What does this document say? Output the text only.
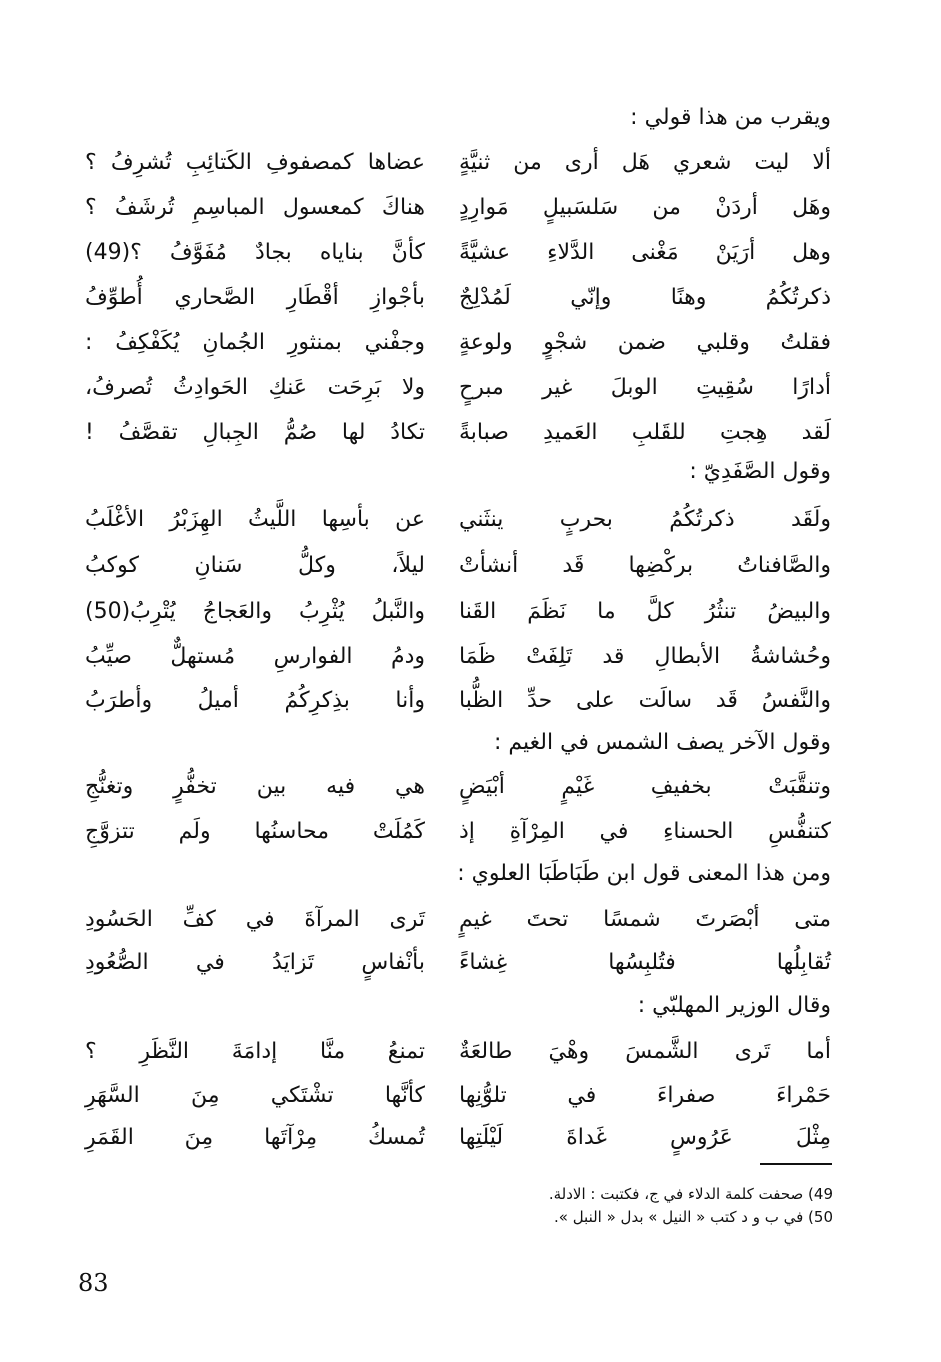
ويقرب من هذا قولي :
ألا ليت شعري هَل أرى من ثنيَّةٍ
عضاها كمصفوفِ الكَتائِبِ تُشرِفُ ؟
وهَل أردَنْ من سَلسَبيلٍ مَوارِدٍ
هناكَ كمعسول المباسِمِ تُرشَفُ ؟
وهل أرَيَنْ مَغْنى الدَّلاءِ عشيَّةً
كأنَّ بناياه بجادٌ مُفَوَّفُ ؟(49)
ذكرتُكُمُ وهنًا وإنّي لَمُدْلِجٌ
بأجْوازِ أقْطَارِ الصَّحاري أُطوِّفُ
فقلتُ وقلبي ضمن شجْوٍ ولوعةٍ
وجفْني بمنثورِ الجُمانِ يُكَفْكِفُ :
أدارًا سُقِيتِ الوبلَ غير مبرحٍ
ولا بَرِحَت عَنكِ الحَوادِثُ تُصرفُ،
لَقد هِجتِ للقَلبِ العَميدِ صبابةً
تكادُ لها صُمُّ الجِبالِ تقصَّفُ !
وقول الصَّفَدِيّ :
ولَقَد ذكرتُكُمُ بحربٍ ينثَني
عن بأسِها اللَّيثُ الهِزَبْرُ الأغْلَبُ
والصَّافناتُ بركْضِها قَد أنشأتْ
ليلاً، وكلُّ سَنانِ كوكبُ
والبيضُ تنثُرُ كلَّ ما نَظَمَ القَنا
والنَّبلُ يُثْرِبُ والعَجاجُ يُتْرِبُ(50)
وحُشاشةُ الأبطالِ قد تَلِفَتْ ظَمَا
ودمُ الفوارسِ مُستهلٌّ صيِّبُ
والنَّفسُ قَد سالَت على حدِّ الظُّبا
وأنا بذِكرِكُمُ أميلُ وأطرَبُ
وقول الآخر يصف الشمس في الغيم :
وتنقَّبَتْ بخفيفِ غَيْمٍ أبْيَضٍ
هي فيه بين تخفُّرٍ وتغنُّجِ
كتنفُّسِ الحسناءِ في المِرْآةِ إذ
كَمُلَتْ محاسنُها ولَم تتزوَّجِ
ومن هذا المعنى قول ابن طَبَاطَبَا العلوي :
متى أبْصَرتَ شمسًا تحتَ غيمٍ
تَرى المرآةَ في كفِّ الحَسُودِ
تُقابِلُها فتُلبِسُها غِشاءً
بأنْفاسٍ تَزايَدُ في الصُّعُودِ
وقال الوزير المهلبّي :
أما تَرى الشَّمسَ وهْيَ طالعَةٌ
تمنعُ منَّا إدامَةَ النَّظَرِ ؟
حَمْراءَ صفراءَ في تلوُّنِها
كأنَّها تشْتَكي مِنَ السَّهَرِ
مِثْلَ عَرُوسٍ غَداةَ لَيْلَتِها
تُمسكُ مِرْآتَها مِنَ القَمَرِ
49) صحفت كلمة الدلاء في ج، فكتبت : الادلة.
50) في ب و د كتب « النيل » بدل « النبل ».
83
